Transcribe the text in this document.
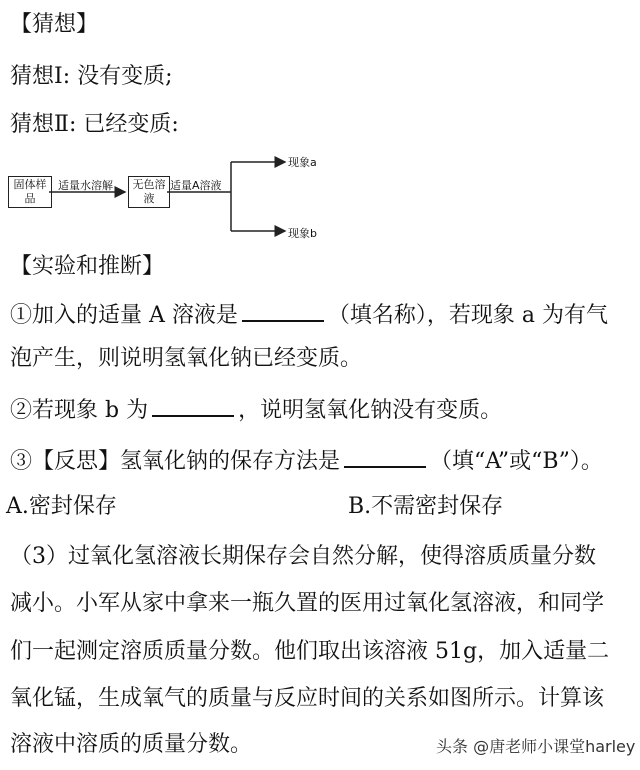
【猜想】
猜想Ⅰ: 没有变质;
猜想Ⅱ: 已经变质:
固体样品
适量水溶解	无色溶液
适量A溶液
现象a
现象b
【实验和推断】
①加入的适量 A 溶液是	（填名称），若现象 a 为有气
泡产生，则说明氢氧化钠已经变质。
②若现象 b 为	，说明氢氧化钠没有变质。
③【反思】氢氧化钠的保存方法是	（填“A”或“B”）。
A.密封保存	B.不需密封保存
（3）过氧化氢溶液长期保存会自然分解，使得溶质质量分数
减小。小军从家中拿来一瓶久置的医用过氧化氢溶液，和同学
们一起测定溶质质量分数。他们取出该溶液 51g，加入适量二
氧化锰，生成氧气的质量与反应时间的关系如图所示。计算该
溶液中溶质的质量分数。	头条 @唐老师小课堂harley
